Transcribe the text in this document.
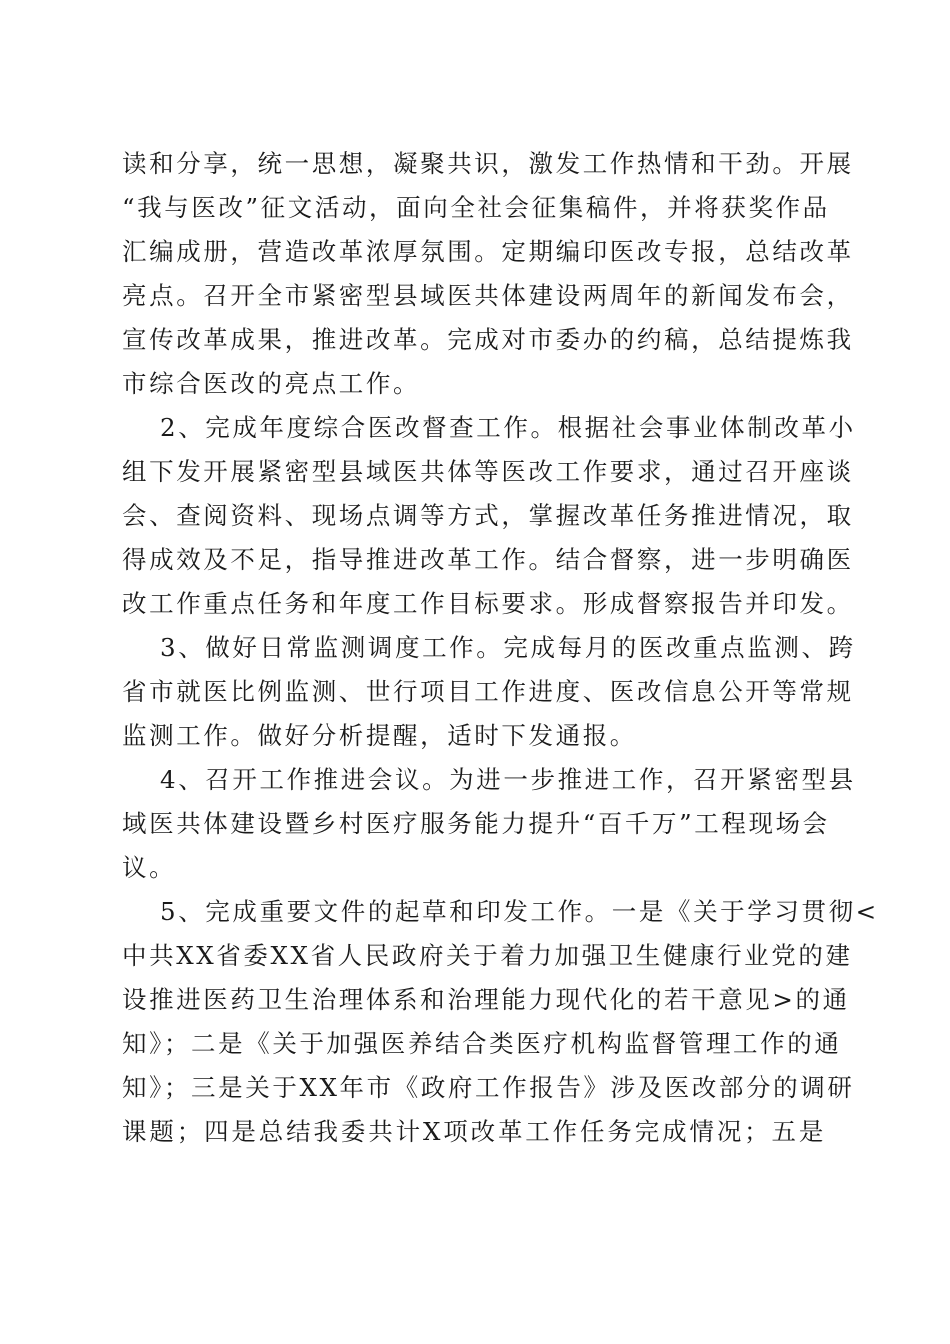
读和分享，统一思想，凝聚共识，激发工作热情和干劲。开展
“我与医改”征文活动，面向全社会征集稿件，并将获奖作品
汇编成册，营造改革浓厚氛围。定期编印医改专报，总结改革
亮点。召开全市紧密型县域医共体建设两周年的新闻发布会，
宣传改革成果，推进改革。完成对市委办的约稿，总结提炼我
市综合医改的亮点工作。
2、完成年度综合医改督查工作。根据社会事业体制改革小
组下发开展紧密型县域医共体等医改工作要求，通过召开座谈
会、查阅资料、现场点调等方式，掌握改革任务推进情况，取
得成效及不足，指导推进改革工作。结合督察，进一步明确医
改工作重点任务和年度工作目标要求。形成督察报告并印发。
3、做好日常监测调度工作。完成每月的医改重点监测、跨
省市就医比例监测、世行项目工作进度、医改信息公开等常规
监测工作。做好分析提醒，适时下发通报。
4、召开工作推进会议。为进一步推进工作，召开紧密型县
域医共体建设暨乡村医疗服务能力提升“百千万”工程现场会
议。
5、完成重要文件的起草和印发工作。一是《关于学习贯彻<
中共XX省委XX省人民政府关于着力加强卫生健康行业党的建
设推进医药卫生治理体系和治理能力现代化的若干意见>的通
知》；二是《关于加强医养结合类医疗机构监督管理工作的通
知》；三是关于XX年市《政府工作报告》涉及医改部分的调研
课题；四是总结我委共计X项改革工作任务完成情况；五是
